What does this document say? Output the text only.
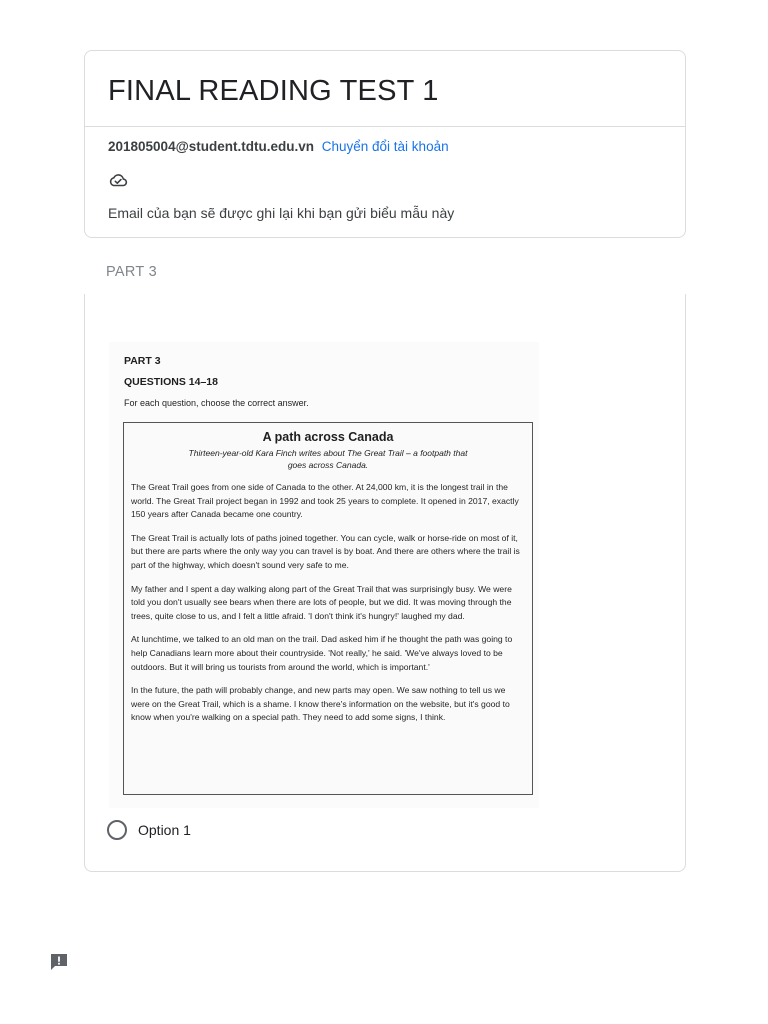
FINAL READING TEST 1
201805004@student.tdtu.edu.vn Chuyển đổi tài khoản
Email của bạn sẽ được ghi lại khi bạn gửi biểu mẫu này
PART 3
PART 3
QUESTIONS 14–18
For each question, choose the correct answer.
A path across Canada
Thirteen-year-old Kara Finch writes about The Great Trail – a footpath that goes across Canada.

The Great Trail goes from one side of Canada to the other. At 24,000 km, it is the longest trail in the world. The Great Trail project began in 1992 and took 25 years to complete. It opened in 2017, exactly 150 years after Canada became one country.

The Great Trail is actually lots of paths joined together. You can cycle, walk or horse-ride on most of it, but there are parts where the only way you can travel is by boat. And there are others where the trail is part of the highway, which doesn't sound very safe to me.

My father and I spent a day walking along part of the Great Trail that was surprisingly busy. We were told you don't usually see bears when there are lots of people, but we did. It was moving through the trees, quite close to us, and I felt a little afraid. 'I don't think it's hungry!' laughed my dad.

At lunchtime, we talked to an old man on the trail. Dad asked him if he thought the path was going to help Canadians learn more about their countryside. 'Not really,' he said. 'We've always loved to be outdoors. But it will bring us tourists from around the world, which is important.'

In the future, the path will probably change, and new parts may open. We saw nothing to tell us we were on the Great Trail, which is a shame. I know there's information on the website, but it's good to know when you're walking on a special path. They need to add some signs, I think.

Option 1
